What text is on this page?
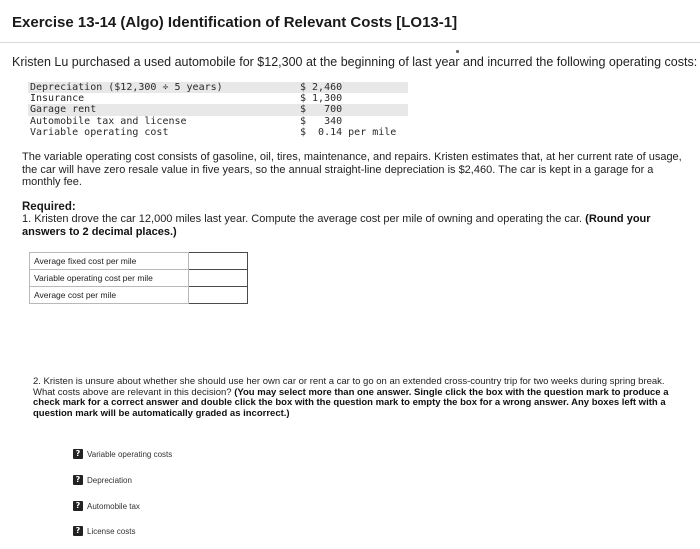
Exercise 13-14 (Algo) Identification of Relevant Costs [LO13-1]
Kristen Lu purchased a used automobile for $12,300 at the beginning of last year and incurred the following operating costs:
Depreciation ($12,300 ÷ 5 years)	$ 2,460
Insurance	$ 1,300
Garage rent	$   700
Automobile tax and license	$   340
Variable operating cost	$  0.14 per mile
The variable operating cost consists of gasoline, oil, tires, maintenance, and repairs. Kristen estimates that, at her current rate of usage, the car will have zero resale value in five years, so the annual straight-line depreciation is $2,460. The car is kept in a garage for a monthly fee.
Required:
1. Kristen drove the car 12,000 miles last year. Compute the average cost per mile of owning and operating the car. (Round your answers to 2 decimal places.)
Average fixed cost per mile	
Variable operating cost per mile	
Average cost per mile	
2. Kristen is unsure about whether she should use her own car or rent a car to go on an extended cross-country trip for two weeks during spring break. What costs above are relevant in this decision? (You may select more than one answer. Single click the box with the question mark to produce a check mark for a correct answer and double click the box with the question mark to empty the box for a wrong answer. Any boxes left with a question mark will be automatically graded as incorrect.)
? Variable operating costs
? Depreciation
? Automobile tax
? License costs
